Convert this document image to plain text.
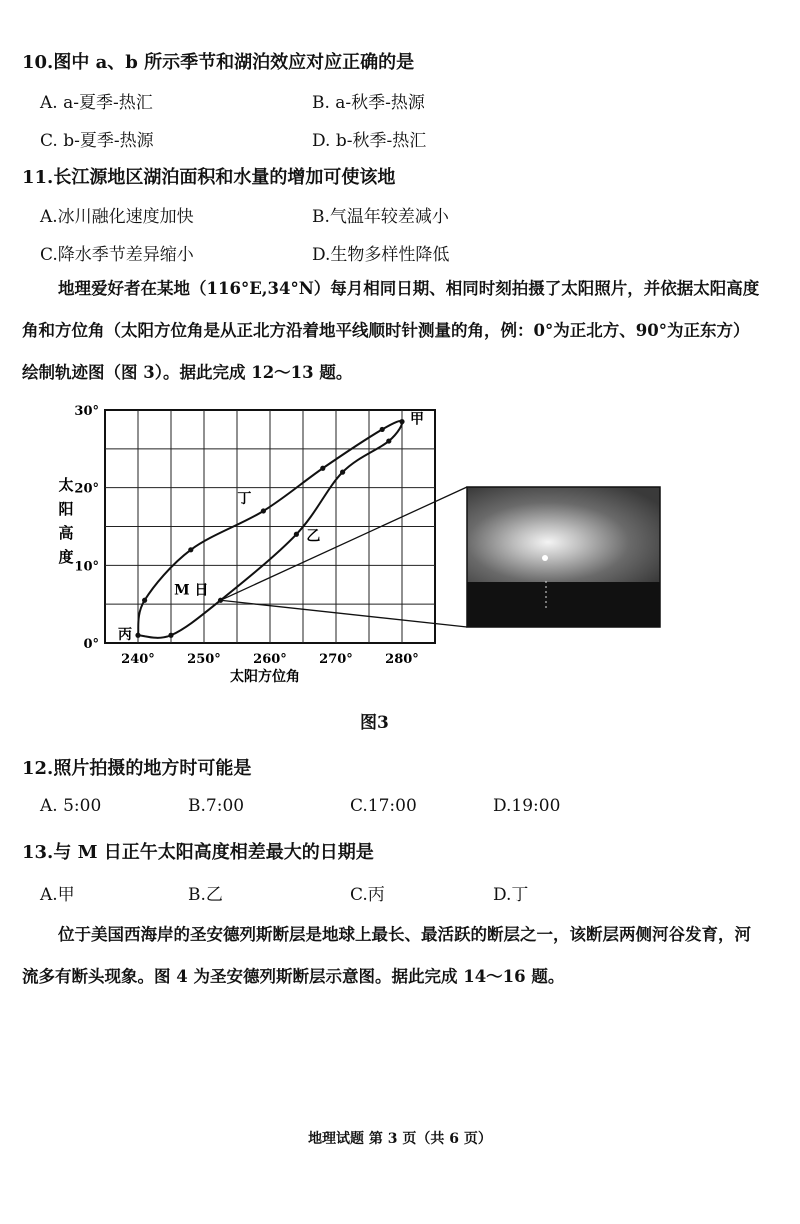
10.图中 a、b 所示季节和湖泊效应对应正确的是
A. a-夏季-热汇	B. a-秋季-热源
C. b-夏季-热源	D. b-秋季-热汇
11.长江源地区湖泊面积和水量的增加可使该地
A.冰川融化速度加快	B.气温年较差减小
C.降水季节差异缩小	D.生物多样性降低
地理爱好者在某地（116°E,34°N）每月相同日期、相同时刻拍摄了太阳照片，并依据太阳高度角和方位角（太阳方位角是从正北方沿着地平线顺时针测量的角，例：0°为正北方、90°为正东方）绘制轨迹图（图 3）。据此完成 12～13 题。
0°
10°
20°
30°
240° 250° 260° 270° 280°
太
阳
高
度
太阳方位角
甲
乙
丙
丁
M 日
图3
12.照片拍摄的地方时可能是
A. 5:00	B.7:00	C.17:00	D.19:00
13.与 M 日正午太阳高度相差最大的日期是
A.甲	B.乙	C.丙	D.丁
位于美国西海岸的圣安德列斯断层是地球上最长、最活跃的断层之一，该断层两侧河谷发育，河流多有断头现象。图 4 为圣安德列斯断层示意图。据此完成 14～16 题。
地理试题 第 3 页（共 6 页）
